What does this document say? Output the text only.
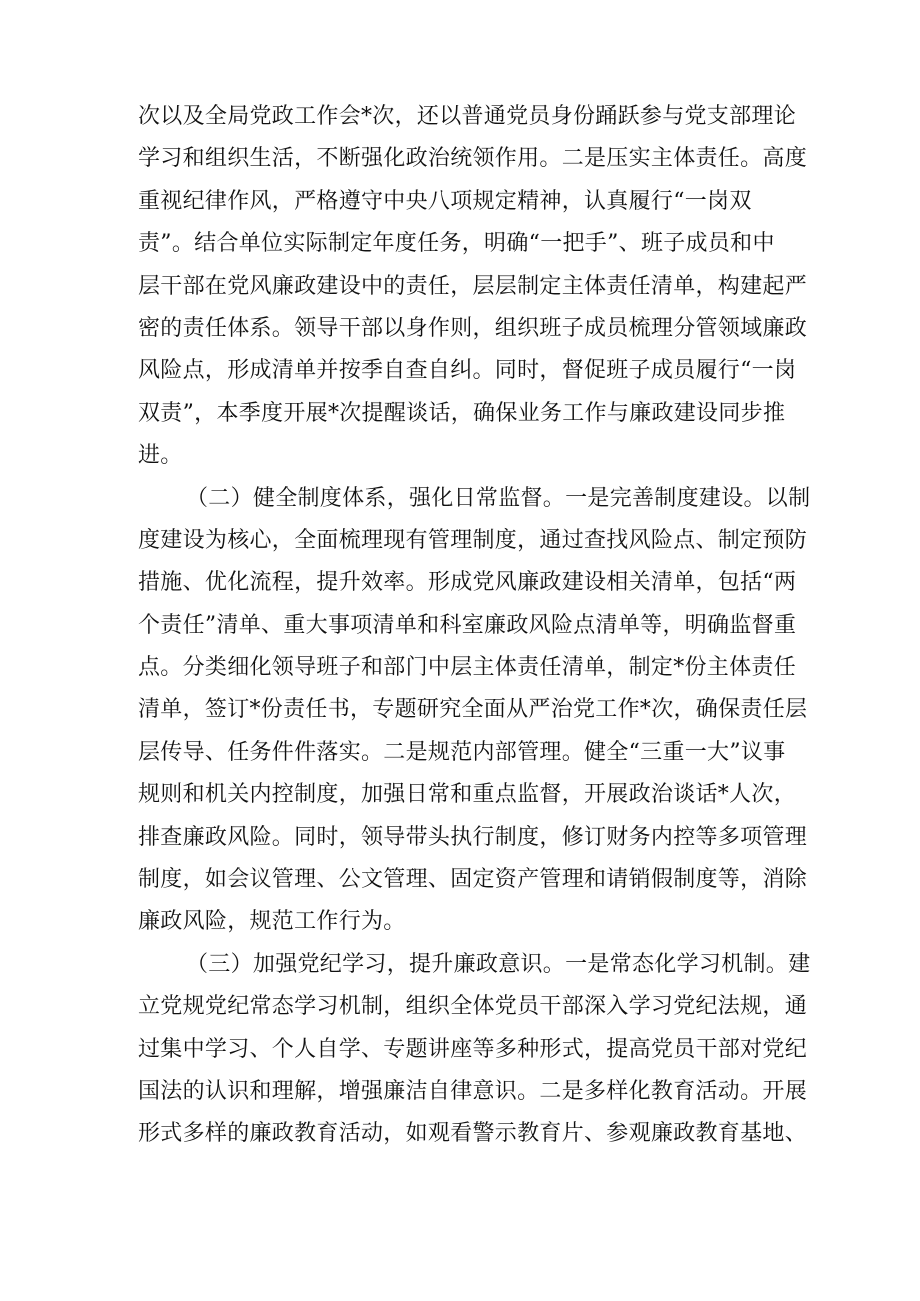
次以及全局党政工作会*次，还以普通党员身份踊跃参与党支部理论
学习和组织生活，不断强化政治统领作用。二是压实主体责任。高度
重视纪律作风，严格遵守中央八项规定精神，认真履行“一岗双
责”。结合单位实际制定年度任务，明确“一把手”、班子成员和中
层干部在党风廉政建设中的责任，层层制定主体责任清单，构建起严
密的责任体系。领导干部以身作则，组织班子成员梳理分管领域廉政
风险点，形成清单并按季自查自纠。同时，督促班子成员履行“一岗
双责”，本季度开展*次提醒谈话，确保业务工作与廉政建设同步推
进。
（二）健全制度体系，强化日常监督。一是完善制度建设。以制
度建设为核心，全面梳理现有管理制度，通过查找风险点、制定预防
措施、优化流程，提升效率。形成党风廉政建设相关清单，包括“两
个责任”清单、重大事项清单和科室廉政风险点清单等，明确监督重
点。分类细化领导班子和部门中层主体责任清单，制定*份主体责任
清单，签订*份责任书，专题研究全面从严治党工作*次，确保责任层
层传导、任务件件落实。二是规范内部管理。健全“三重一大”议事
规则和机关内控制度，加强日常和重点监督，开展政治谈话*人次，
排查廉政风险。同时，领导带头执行制度，修订财务内控等多项管理
制度，如会议管理、公文管理、固定资产管理和请销假制度等，消除
廉政风险，规范工作行为。
（三）加强党纪学习，提升廉政意识。一是常态化学习机制。建
立党规党纪常态学习机制，组织全体党员干部深入学习党纪法规，通
过集中学习、个人自学、专题讲座等多种形式，提高党员干部对党纪
国法的认识和理解，增强廉洁自律意识。二是多样化教育活动。开展
形式多样的廉政教育活动，如观看警示教育片、参观廉政教育基地、
